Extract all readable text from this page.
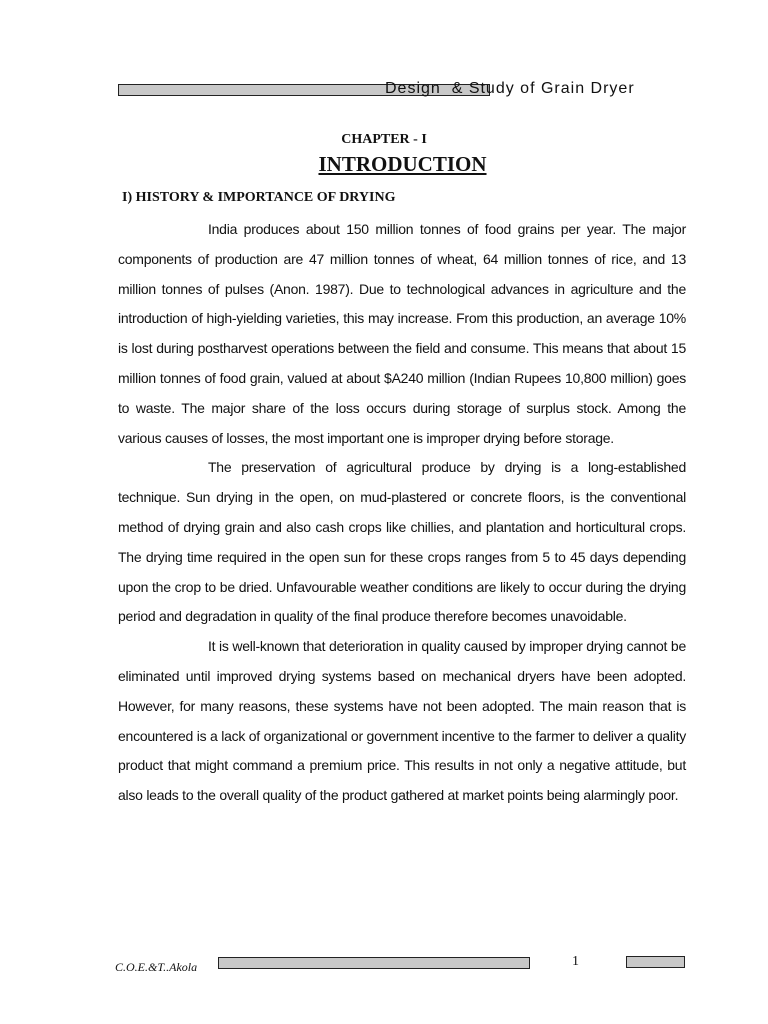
Design  & Study of Grain Dryer
CHAPTER - I
INTRODUCTION
I) HISTORY & IMPORTANCE OF DRYING

India produces about 150 million tonnes of food grains per year. The major components of production are 47 million tonnes of wheat, 64 million tonnes of rice, and 13 million tonnes of pulses (Anon. 1987). Due to technological advances in agriculture and the introduction of high-yielding varieties, this may increase. From this production, an average 10% is lost during postharvest operations between the field and consume. This means that about 15 million tonnes of food grain, valued at about $A240 million (Indian Rupees 10,800 million) goes to waste. The major share of the loss occurs during storage of surplus stock. Among the various causes of losses, the most important one is improper drying before storage.

The preservation of agricultural produce by drying is a long-established technique. Sun drying in the open, on mud-plastered or concrete floors, is the conventional method of drying grain and also cash crops like chillies, and plantation and horticultural crops. The drying time required in the open sun for these crops ranges from 5 to 45 days depending upon the crop to be dried. Unfavourable weather conditions are likely to occur during the drying period and degradation in quality of the final produce therefore becomes unavoidable.

It is well-known that deterioration in quality caused by improper drying cannot be eliminated until improved drying systems based on mechanical dryers have been adopted. However, for many reasons, these systems have not been adopted. The main reason that is encountered is a lack of organizational or government incentive to the farmer to deliver a quality product that might command a premium price. This results in not only a negative attitude, but also leads to the overall quality of the product gathered at market points being alarmingly poor.

C.O.E.&T..Akola	1
